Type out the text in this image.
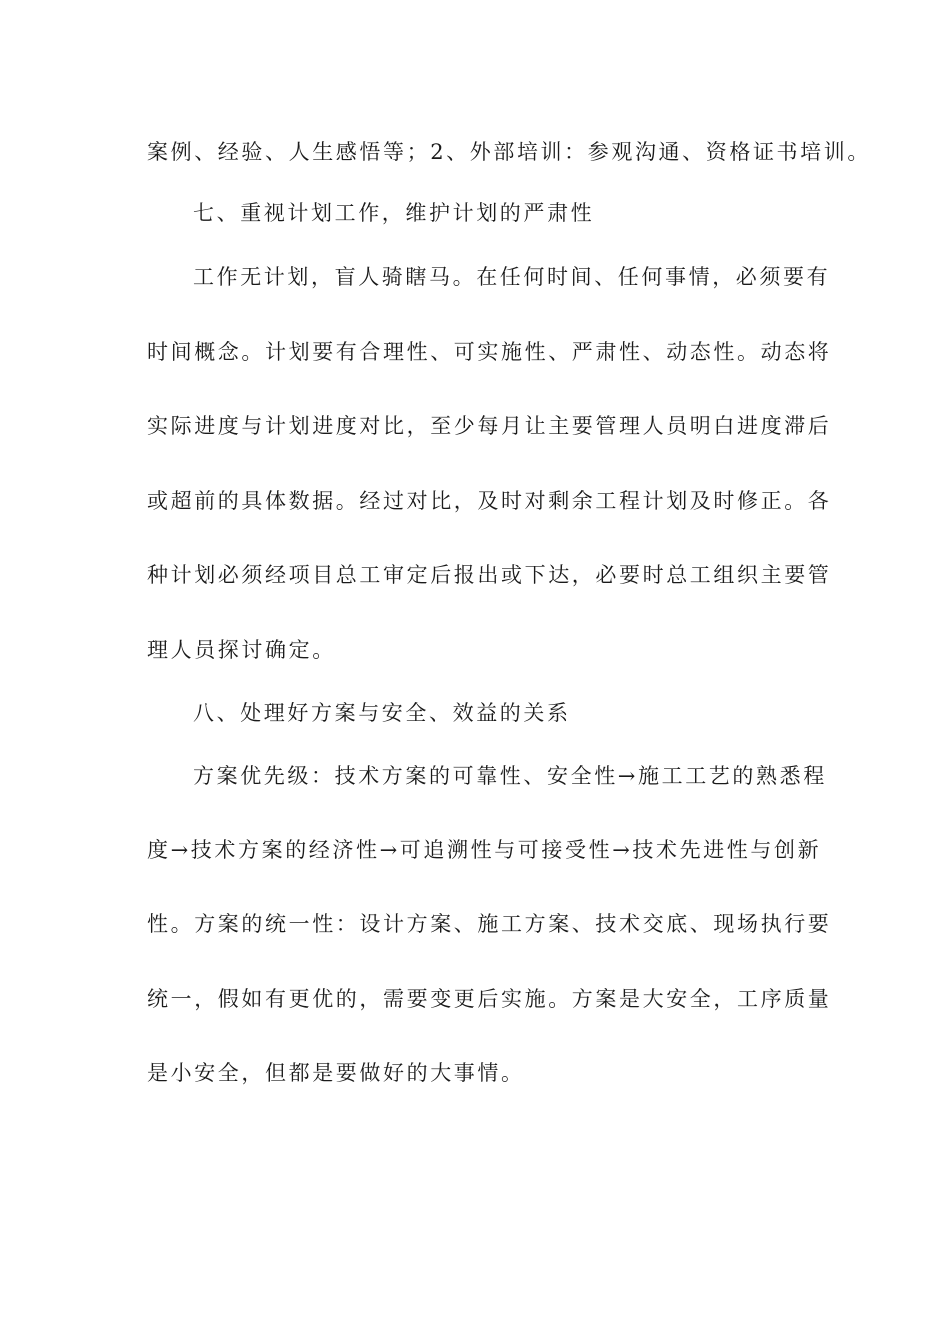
案例、经验、人生感悟等；2、外部培训：参观沟通、资格证书培训。
七、重视计划工作，维护计划的严肃性
工作无计划，盲人骑瞎马。在任何时间、任何事情，必须要有
时间概念。计划要有合理性、可实施性、严肃性、动态性。动态将
实际进度与计划进度对比，至少每月让主要管理人员明白进度滞后
或超前的具体数据。经过对比，及时对剩余工程计划及时修正。各
种计划必须经项目总工审定后报出或下达，必要时总工组织主要管
理人员探讨确定。
八、处理好方案与安全、效益的关系
方案优先级：技术方案的可靠性、安全性→施工工艺的熟悉程
度→技术方案的经济性→可追溯性与可接受性→技术先进性与创新
性。方案的统一性：设计方案、施工方案、技术交底、现场执行要
统一，假如有更优的，需要变更后实施。方案是大安全，工序质量
是小安全，但都是要做好的大事情。
